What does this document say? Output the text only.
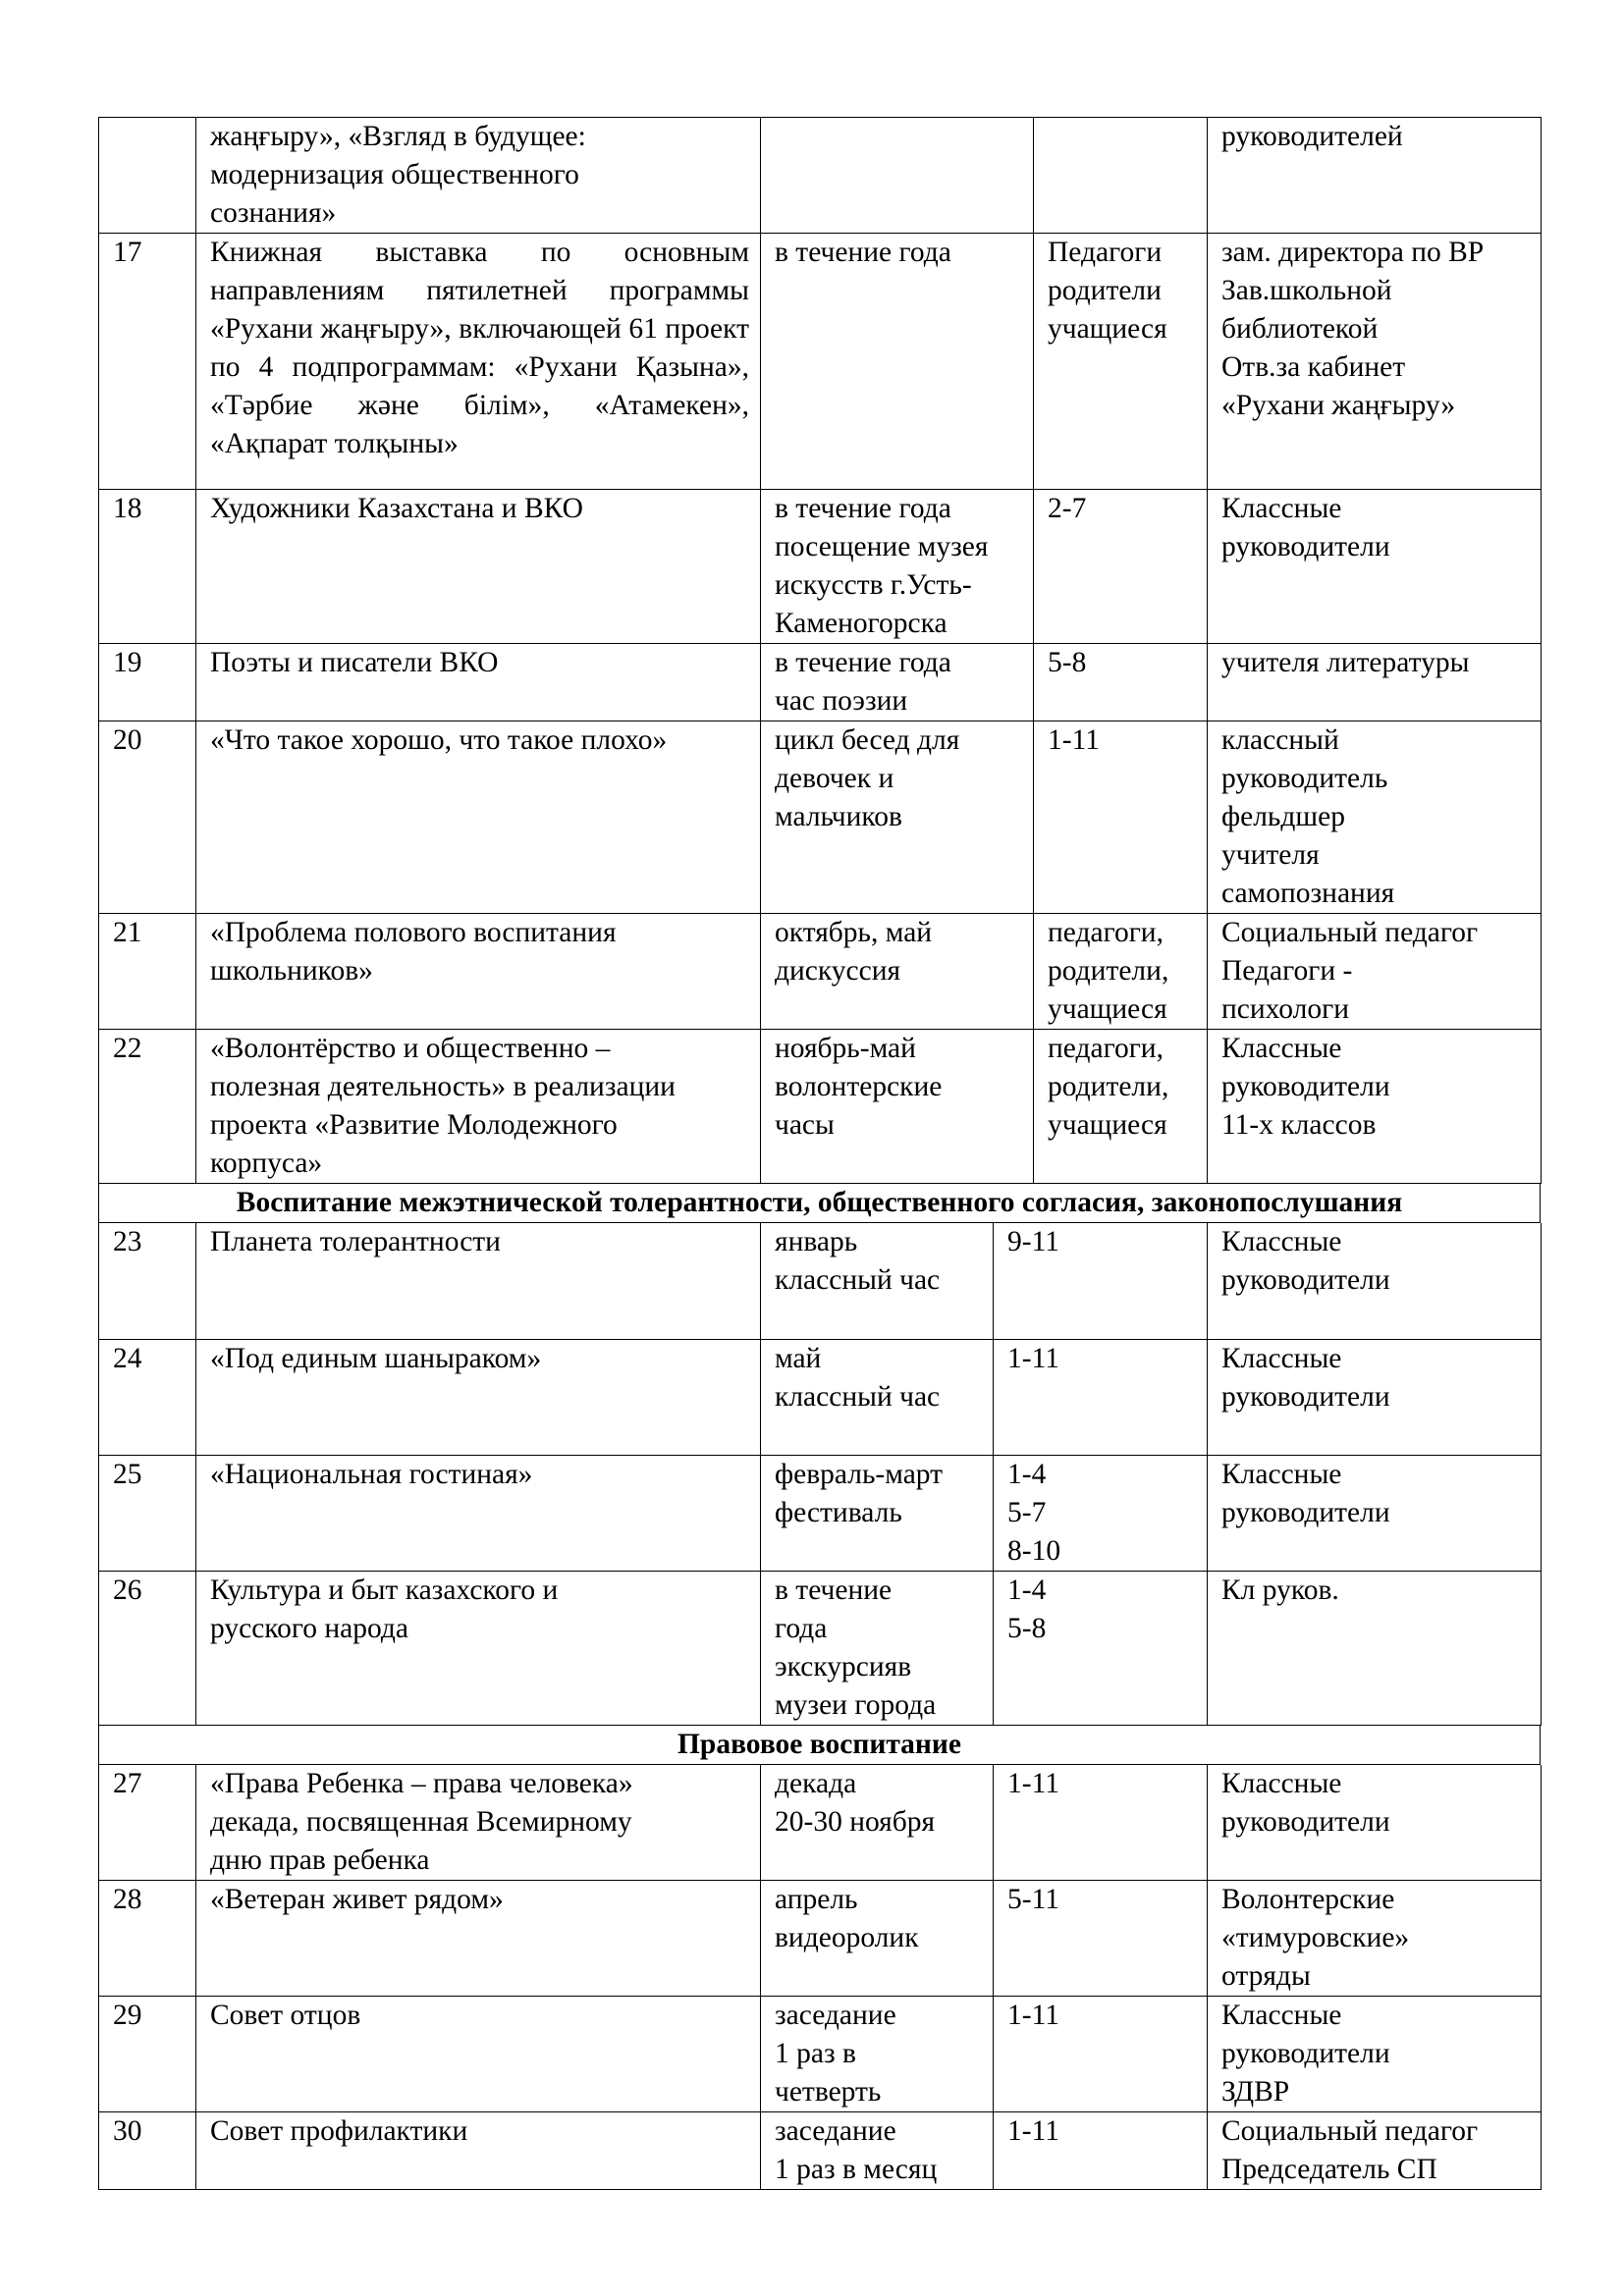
	жаңғыру», «Взгляд в будущее:
модернизация общественного
сознания»			руководителей
17	Книжная выставка по основным направлениям пятилетней программы «Рухани жаңғыру», включающей 61 проект по 4 подпрограммам: «Рухани Қазына», «Тәрбие және білім», «Атамекен», «Ақпарат толқыны»	в течение года	Педагоги
родители
учащиеся	зам. директора по ВР
Зав.школьной
библиотекой
Отв.за кабинет
«Рухани жаңғыру»
18	Художники Казахстана и ВКО	в течение года
посещение музея
искусств г.Усть-
Каменогорска	2-7	Классные
руководители
19	Поэты и писатели ВКО	в течение года
час поэзии	5-8	учителя литературы
20	«Что такое хорошо, что такое плохо»	цикл бесед для
девочек и
мальчиков	1-11	классный
руководитель
фельдшер
учителя
самопознания
21	«Проблема полового воспитания
школьников»	октябрь, май
дискуссия	педагоги,
родители,
учащиеся	Социальный педагог
Педагоги -
психологи
22	«Волонтёрство и общественно –
полезная деятельность» в реализации
проекта «Развитие Молодежного
корпуса»	ноябрь-май
волонтерские
часы	педагоги,
родители,
учащиеся	Классные
руководители
11-х классов
Воспитание межэтнической толерантности, общественного согласия, законопослушания
23	Планета толерантности	январь
классный час	9-11	Классные
руководители
24	«Под единым шаныраком»	май
классный час	1-11	Классные
руководители
25	«Национальная гостиная»	февраль-март
фестиваль	1-4
5-7
8-10	Классные
руководители
26	Культура и быт казахского и
русского народа	в течение
года
экскурсияв
музеи города	1-4
5-8	Кл руков.
Правовое воспитание
27	«Права Ребенка – права человека»
декада, посвященная Всемирному
дню прав ребенка	декада
20-30 ноября	1-11	Классные
руководители
28	«Ветеран живет рядом»	апрель
видеоролик	5-11	Волонтерские
«тимуровские»
отряды
29	Совет отцов	заседание
1 раз в
четверть	1-11	Классные
руководители
ЗДВР
30	Совет профилактики	заседание
1 раз в месяц	1-11	Социальный педагог
Председатель СП
